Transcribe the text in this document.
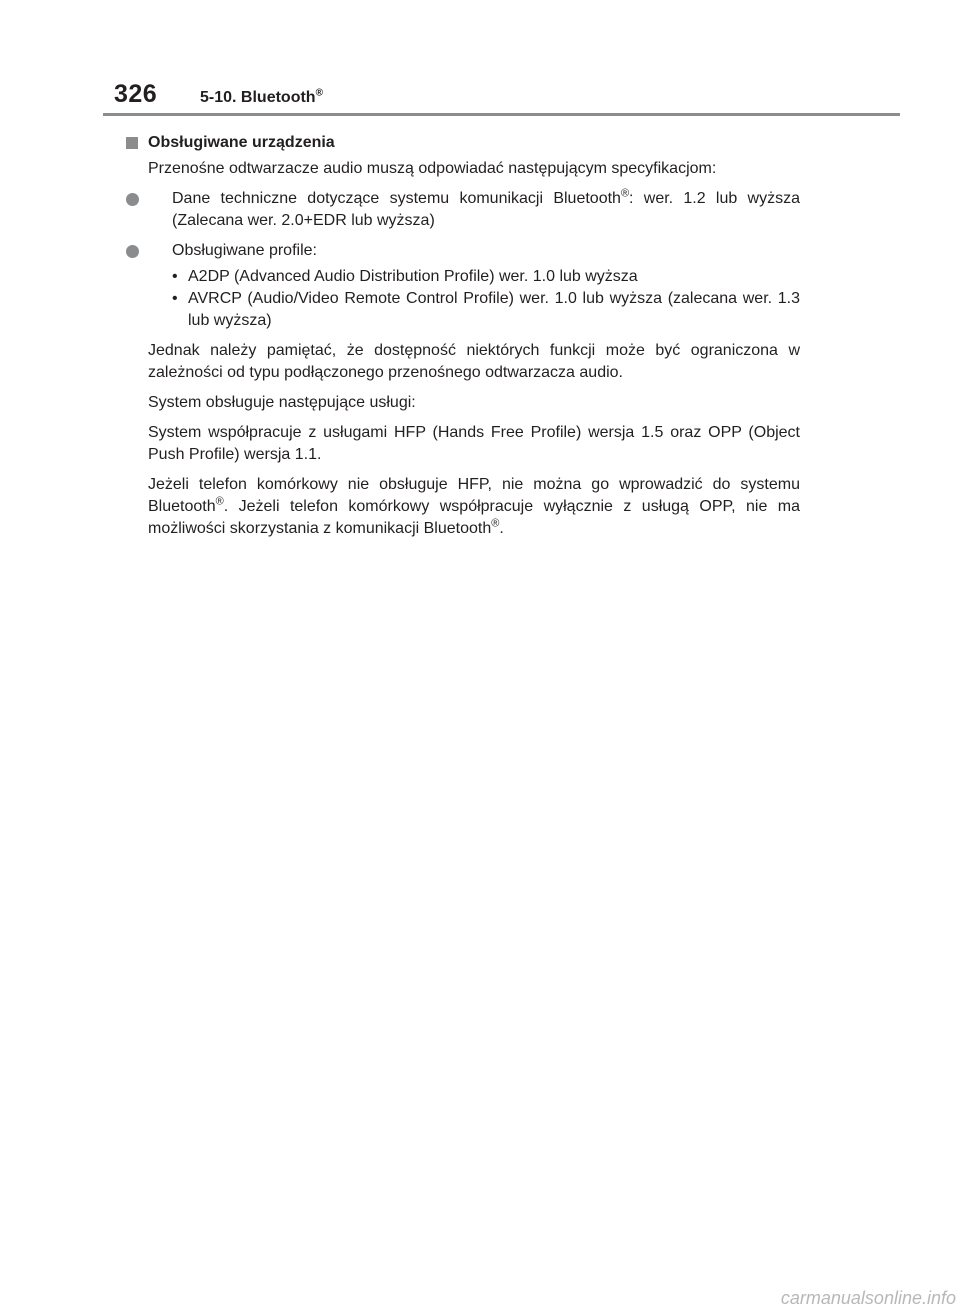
326	5-10. Bluetooth®
Obsługiwane urządzenia

Przenośne odtwarzacze audio muszą odpowiadać następującym specyfikacjom:

Dane techniczne dotyczące systemu komunikacji Bluetooth®: wer. 1.2 lub wyższa (Zalecana wer. 2.0+EDR lub wyższa)
Obsługiwane profile:
• A2DP (Advanced Audio Distribution Profile) wer. 1.0 lub wyższa
• AVRCP (Audio/Video Remote Control Profile) wer. 1.0 lub wyższa (zalecana wer. 1.3 lub wyższa)

Jednak należy pamiętać, że dostępność niektórych funkcji może być ograniczona w zależności od typu podłączonego przenośnego odtwarzacza audio.

System obsługuje następujące usługi:

System współpracuje z usługami HFP (Hands Free Profile) wersja 1.5 oraz OPP (Object Push Profile) wersja 1.1.

Jeżeli telefon komórkowy nie obsługuje HFP, nie można go wprowadzić do systemu Bluetooth®. Jeżeli telefon komórkowy współpracuje wyłącznie z usługą OPP, nie ma możliwości skorzystania z komunikacji Bluetooth®.

carmanualsonline.info
